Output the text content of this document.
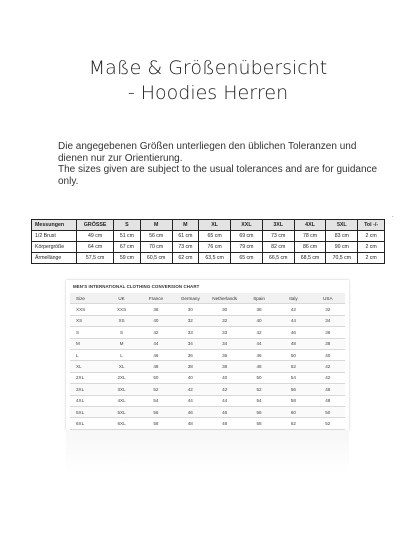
Maße & Größenübersicht
- Hoodies Herren
Die angegebenen Größen unterliegen den üblichen Toleranzen und dienen nur zur Orientierung.
The sizes given are subject to the usual tolerances and are for guidance only.
.
Messungen	GRÖSSE	S	M	M	XL	XXL	3XL	4XL	5XL	Tol -/-
1/2 Brust	49 cm	51 cm	56 cm	61 cm	65 cm	69 cm	73 cm	78 cm	83 cm	2 cm
Körpergröße	64 cm	67 cm	70 cm	73 cm	76 cm	79 cm	82 cm	86 cm	90 cm	2 cm
Ärmellänge	57,5 cm	59 cm	60,5 cm	62 cm	63,5 cm	65 cm	66,5 cm	68,5 cm	70,5 cm	2 cm
MEN'S INTERNATIONAL CLOTHING CONVERSION CHART
Size	UK	France	Germany	Netherlands	Spain	Italy	USA
XXS	XXS	38	30	30	38	42	32
XS	XS	40	32	32	40	44	34
S	S	42	33	33	42	46	36
M	M	44	34	34	44	48	38
L	L	46	36	36	46	50	40
XL	XL	48	38	38	48	52	42
2XL	2XL	50	40	40	50	54	42
3XL	3XL	52	42	42	52	56	46
4XL	4XL	54	44	44	54	58	48
5XL	5XL	56	46	46	56	60	50
6XL	6XL	58	48	48	58	62	52
